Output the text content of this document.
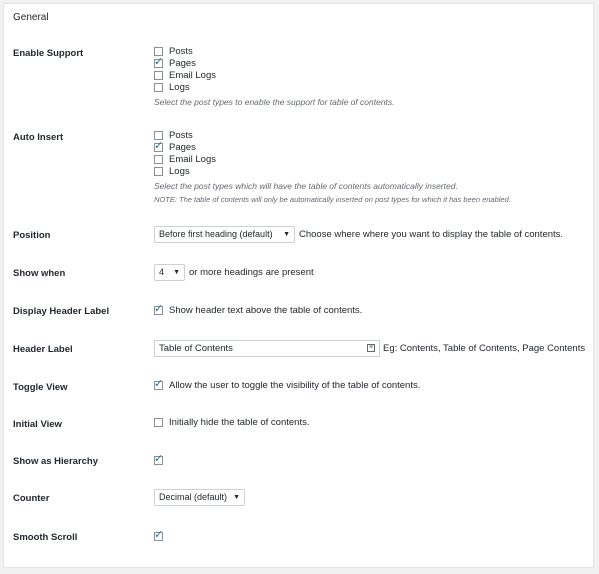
General
Enable Support	Posts
✓ Pages
Email Logs
Logs
Select the post types to enable the support for table of contents.
Auto Insert	Posts
✓ Pages
Email Logs
Logs
Select the post types which will have the table of contents automatically inserted.
NOTE: The table of contents will only be automatically inserted on post types for which it has been enabled.
Position	Before first heading (default) ▼ Choose where where you want to display the table of contents.
Show when	4 ▼ or more headings are present
Display Header Label	✓ Show header text above the table of contents.
Header Label	Table of Contents	≡ Eg: Contents, Table of Contents, Page Contents
Toggle View	✓ Allow the user to toggle the visibility of the table of contents.
Initial View	Initially hide the table of contents.
Show as Hierarchy	✓
Counter	Decimal (default) ▼
Smooth Scroll	✓
